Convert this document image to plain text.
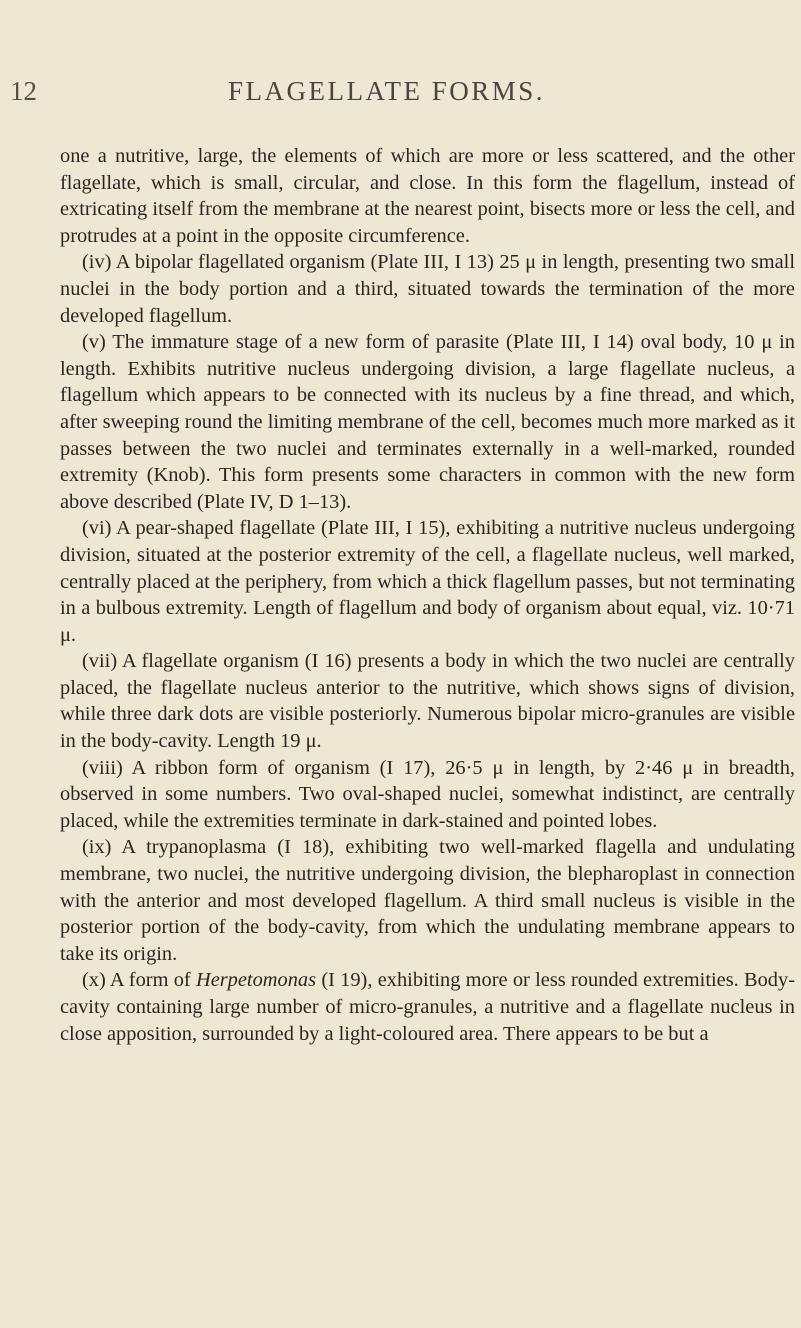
12	FLAGELLATE FORMS.

one a nutritive, large, the elements of which are more or less scattered, and the other flagellate, which is small, circular, and close. In this form the flagellum, instead of extricating itself from the membrane at the nearest point, bisects more or less the cell, and protrudes at a point in the opposite circumference.

(iv) A bipolar flagellated organism (Plate III, I 13) 25 μ in length, presenting two small nuclei in the body portion and a third, situated towards the termination of the more developed flagellum.

(v) The immature stage of a new form of parasite (Plate III, I 14) oval body, 10 μ in length. Exhibits nutritive nucleus undergoing division, a large flagellate nucleus, a flagellum which appears to be connected with its nucleus by a fine thread, and which, after sweeping round the limiting membrane of the cell, becomes much more marked as it passes between the two nuclei and terminates externally in a well-marked, rounded extremity (Knob). This form presents some characters in common with the new form above described (Plate IV, D 1–13).

(vi) A pear-shaped flagellate (Plate III, I 15), exhibiting a nutritive nucleus undergoing division, situated at the posterior extremity of the cell, a flagellate nucleus, well marked, centrally placed at the periphery, from which a thick flagellum passes, but not terminating in a bulbous extremity. Length of flagellum and body of organism about equal, viz. 10·71 μ.

(vii) A flagellate organism (I 16) presents a body in which the two nuclei are centrally placed, the flagellate nucleus anterior to the nutritive, which shows signs of division, while three dark dots are visible posteriorly. Numerous bipolar micro-granules are visible in the body-cavity. Length 19 μ.

(viii) A ribbon form of organism (I 17), 26·5 μ in length, by 2·46 μ in breadth, observed in some numbers. Two oval-shaped nuclei, somewhat indistinct, are centrally placed, while the extremities terminate in dark-stained and pointed lobes.

(ix) A trypanoplasma (I 18), exhibiting two well-marked flagella and undulating membrane, two nuclei, the nutritive undergoing division, the blepharoplast in connection with the anterior and most developed flagellum. A third small nucleus is visible in the posterior portion of the body-cavity, from which the undulating membrane appears to take its origin.

(x) A form of Herpetomonas (I 19), exhibiting more or less rounded extremities. Body-cavity containing large number of micro-granules, a nutritive and a flagellate nucleus in close apposition, surrounded by a light-coloured area. There appears to be but a
